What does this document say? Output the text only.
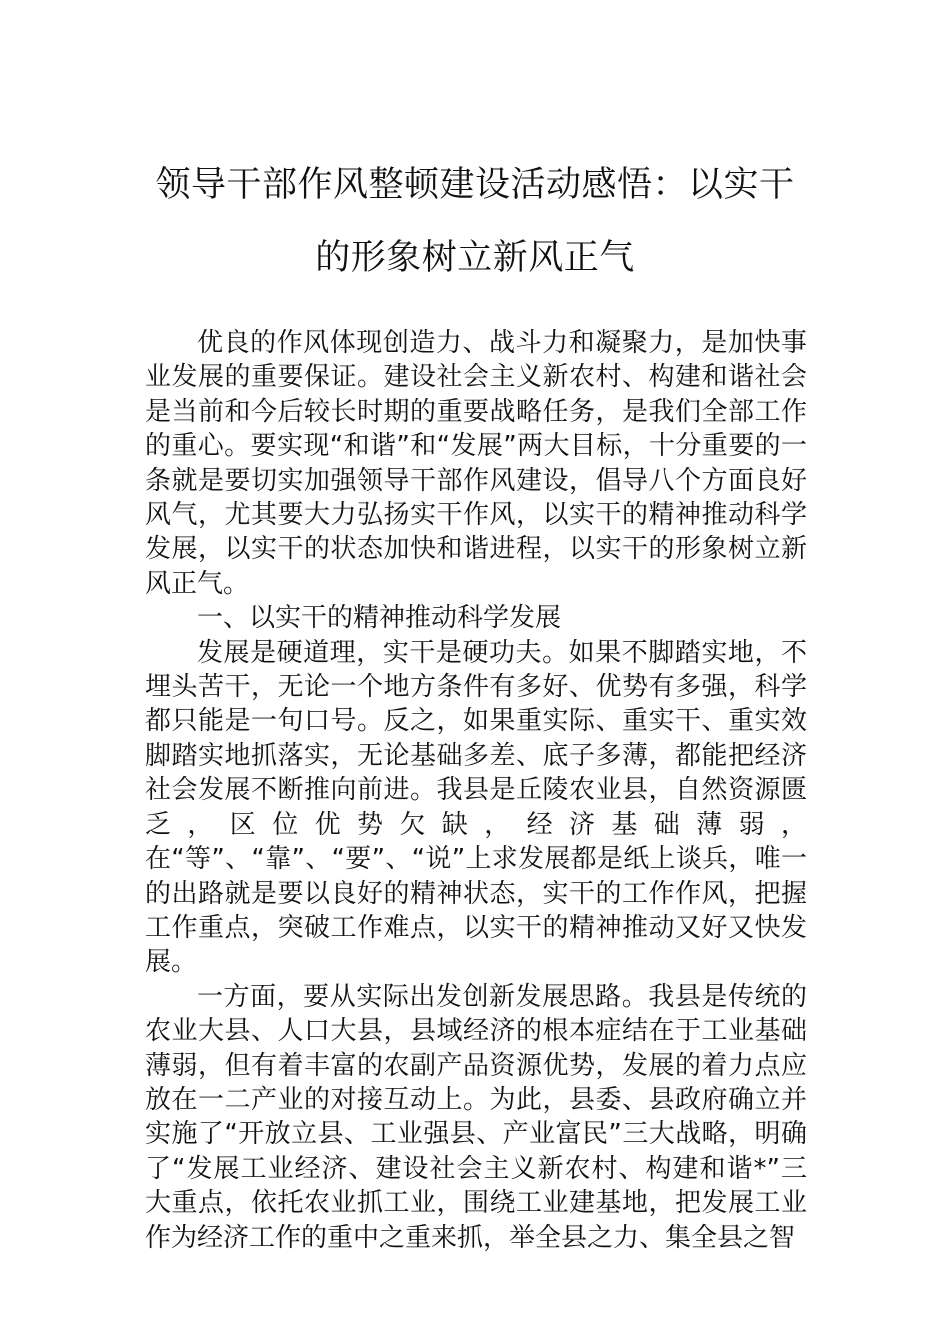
领导干部作风整顿建设活动感悟：以实干
的形象树立新风正气

优良的作风体现创造力、战斗力和凝聚力，是加快事业发展的重要保证。建设社会主义新农村、构建和谐社会是当前和今后较长时期的重要战略任务，是我们全部工作的重心。要实现“和谐”和“发展”两大目标，十分重要的一条就是要切实加强领导干部作风建设，倡导八个方面良好风气，尤其要大力弘扬实干作风，以实干的精神推动科学发展，以实干的状态加快和谐进程，以实干的形象树立新风正气。

一、以实干的精神推动科学发展

发展是硬道理，实干是硬功夫。如果不脚踏实地，不埋头苦干，无论一个地方条件有多好、优势有多强，科学都只能是一句口号。反之，如果重实际、重实干、重实效脚踏实地抓落实，无论基础多差、底子多薄，都能把经济社会发展不断推向前进。我县是丘陵农业县，自然资源匮乏，区位优势欠缺，经济基础薄弱，在“等”、“靠”、“要”、“说”上求发展都是纸上谈兵，唯一的出路就是要以良好的精神状态，实干的工作作风，把握工作重点，突破工作难点，以实干的精神推动又好又快发展。

一方面，要从实际出发创新发展思路。我县是传统的农业大县、人口大县，县域经济的根本症结在于工业基础薄弱，但有着丰富的农副产品资源优势，发展的着力点应放在一二产业的对接互动上。为此，县委、县政府确立并实施了“开放立县、工业强县、产业富民”三大战略，明确了“发展工业经济、建设社会主义新农村、构建和谐*”三大重点，依托农业抓工业，围绕工业建基地，把发展工业作为经济工作的重中之重来抓，举全县之力、集全县之智
